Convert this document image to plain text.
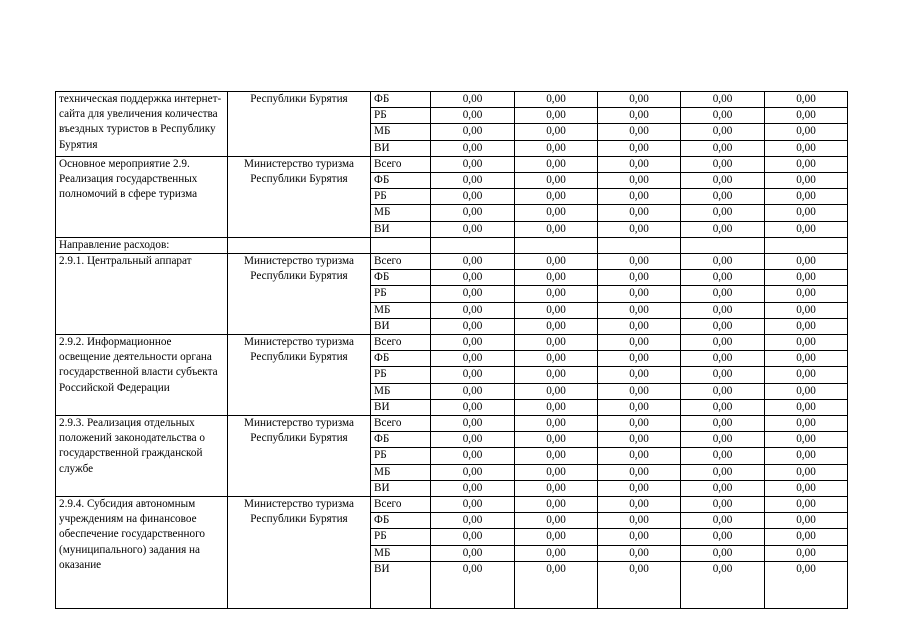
техническая поддержка интернет-сайта для увеличения количества въездных туристов в Республику Бурятия	Республики Бурятия	ФБ	0,00	0,00	0,00	0,00	0,00
		РБ	0,00	0,00	0,00	0,00	0,00
		МБ	0,00	0,00	0,00	0,00	0,00
		ВИ	0,00	0,00	0,00	0,00	0,00
Основное мероприятие 2.9. Реализация государственных полномочий в сфере туризма	Министерство туризма Республики Бурятия	Всего	0,00	0,00	0,00	0,00	0,00
		ФБ	0,00	0,00	0,00	0,00	0,00
		РБ	0,00	0,00	0,00	0,00	0,00
		МБ	0,00	0,00	0,00	0,00	0,00
		ВИ	0,00	0,00	0,00	0,00	0,00
Направление расходов:							
2.9.1. Центральный аппарат	Министерство туризма Республики Бурятия	Всего	0,00	0,00	0,00	0,00	0,00
		ФБ	0,00	0,00	0,00	0,00	0,00
		РБ	0,00	0,00	0,00	0,00	0,00
		МБ	0,00	0,00	0,00	0,00	0,00
		ВИ	0,00	0,00	0,00	0,00	0,00
2.9.2. Информационное освещение деятельности органа государственной власти субъекта Российской Федерации	Министерство туризма Республики Бурятия	Всего	0,00	0,00	0,00	0,00	0,00
		ФБ	0,00	0,00	0,00	0,00	0,00
		РБ	0,00	0,00	0,00	0,00	0,00
		МБ	0,00	0,00	0,00	0,00	0,00
		ВИ	0,00	0,00	0,00	0,00	0,00
2.9.3. Реализация отдельных положений законодательства о государственной гражданской службе	Министерство туризма Республики Бурятия	Всего	0,00	0,00	0,00	0,00	0,00
		ФБ	0,00	0,00	0,00	0,00	0,00
		РБ	0,00	0,00	0,00	0,00	0,00
		МБ	0,00	0,00	0,00	0,00	0,00
		ВИ	0,00	0,00	0,00	0,00	0,00
2.9.4. Субсидия автономным учреждениям на финансовое обеспечение государственного (муниципального) задания на оказание	Министерство туризма Республики Бурятия	Всего	0,00	0,00	0,00	0,00	0,00
		ФБ	0,00	0,00	0,00	0,00	0,00
		РБ	0,00	0,00	0,00	0,00	0,00
		МБ	0,00	0,00	0,00	0,00	0,00
		ВИ	0,00	0,00	0,00	0,00	0,00
